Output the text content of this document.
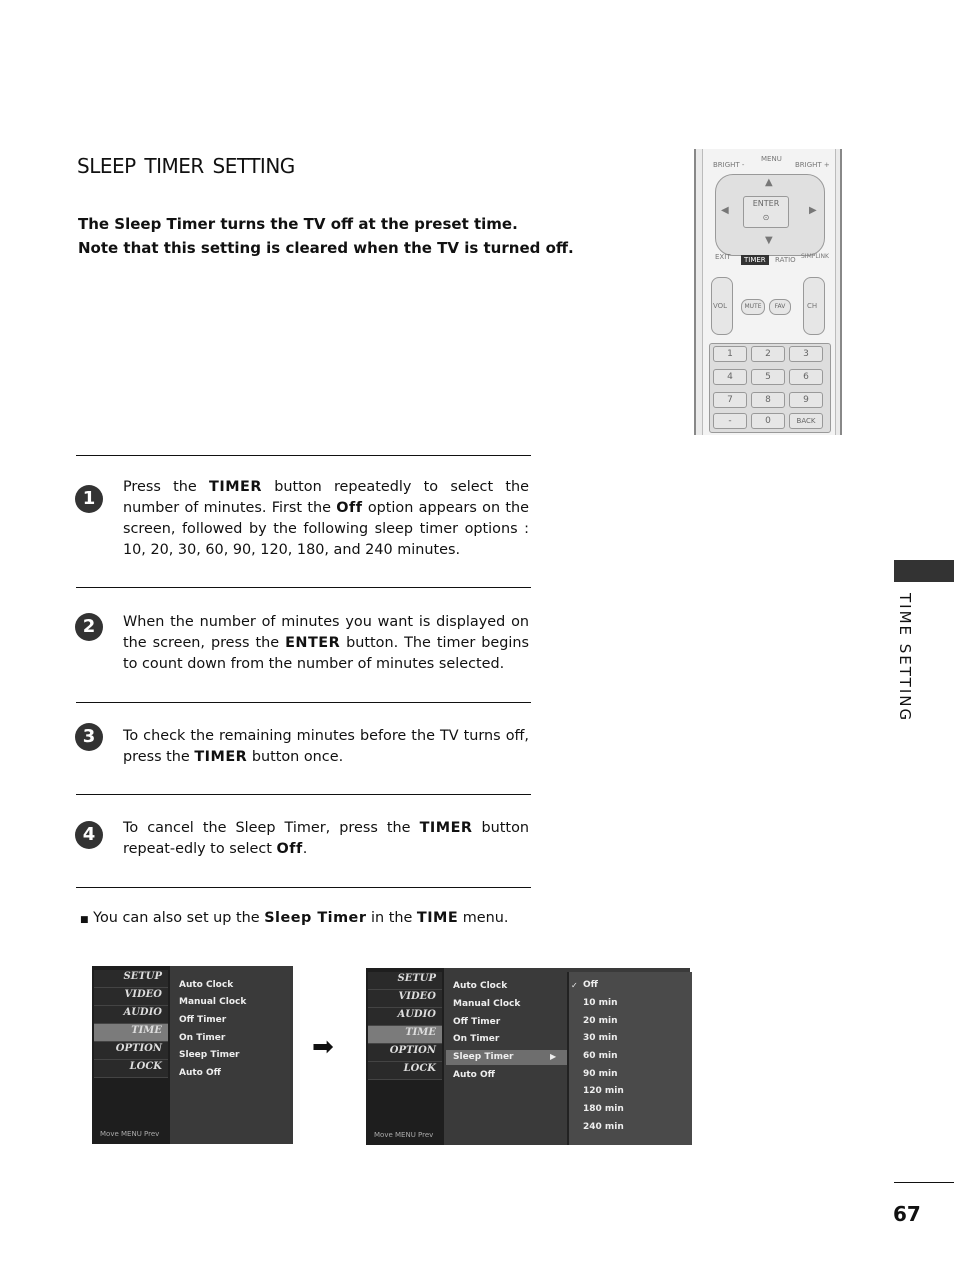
sleep timer setting
The Sleep Timer turns the TV off at the preset time.
Note that this setting is cleared when the TV is turned off.
BRIGHT -
MENU
BRIGHT +
ENTER
⊙
▲
▼
◀	▶
EXIT	TIMER	RATIO SIMPLINK
VOL	MUTE	FAV	CH
1	2	3
4	5	6
7	8	9
-	0	BACK
1
Press the TIMER button repeatedly to select the number of minutes. First the Off option appears on the screen, followed by the following sleep timer options : 10, 20, 30, 60, 90, 120, 180, and 240 minutes.
2	When the number of minutes you want is displayed on the screen, press the ENTER button. The timer begins to count down from the number of minutes selected.
3	To check the remaining minutes before the TV turns off, press the TIMER button once.
4	To cancel the Sleep Timer, press the TIMER button repeat-edly to select Off.
■ You can also set up the Sleep Timer in the TIME menu.
SETUP
VIDEO
AUDIO
TIME
OPTION
LOCK
Move MENU Prev
Auto Clock
Manual Clock
Off Timer
On Timer
Sleep Timer
Auto Off
➡
SETUP
VIDEO
AUDIO
TIME
OPTION
LOCK
Move MENU Prev
Auto Clock
Manual Clock
Off Timer
On Timer
Sleep Timer	▶
Auto Off
✓ Off
10 min
20 min
30 min
60 min
90 min
120 min
180 min
240 min
TIME SETTING
67
